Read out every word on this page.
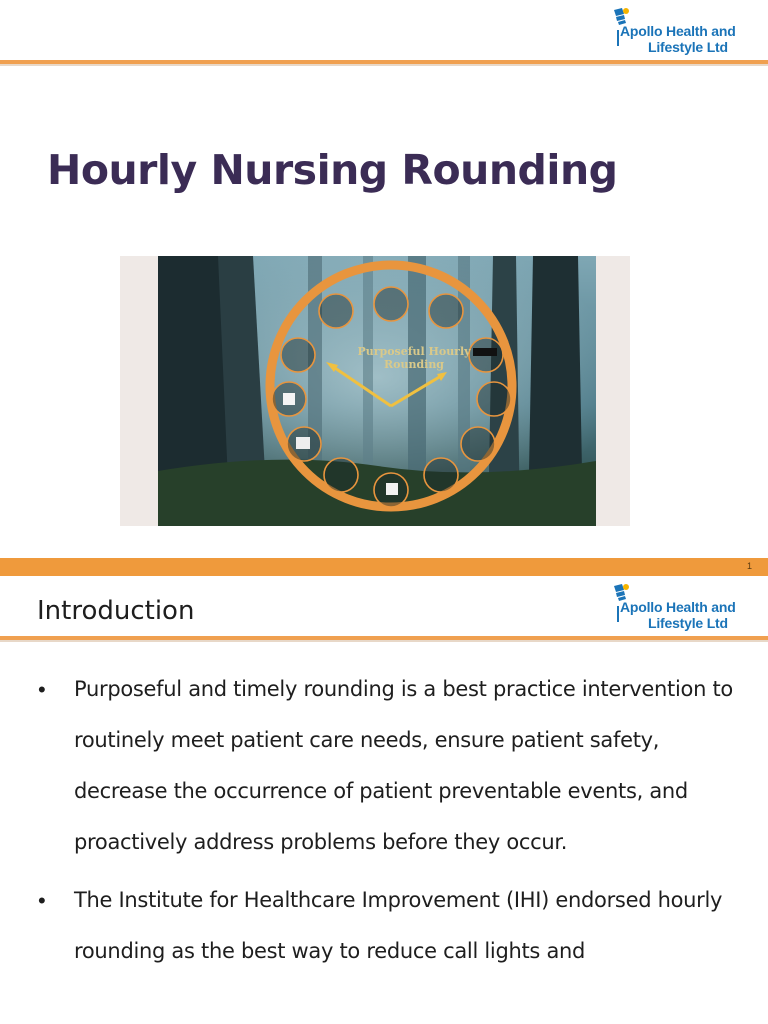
Apollo Health and
Lifestyle Ltd
Hourly Nursing Rounding
Purposeful Hourly
Rounding
1
Apollo Health and
Lifestyle Ltd
Introduction
• Purposeful and timely rounding is a best practice intervention to routinely meet patient care needs, ensure patient safety, decrease the occurrence of patient preventable events, and proactively address problems before they occur.
• The Institute for Healthcare Improvement (IHI) endorsed hourly rounding as the best way to reduce call lights and
